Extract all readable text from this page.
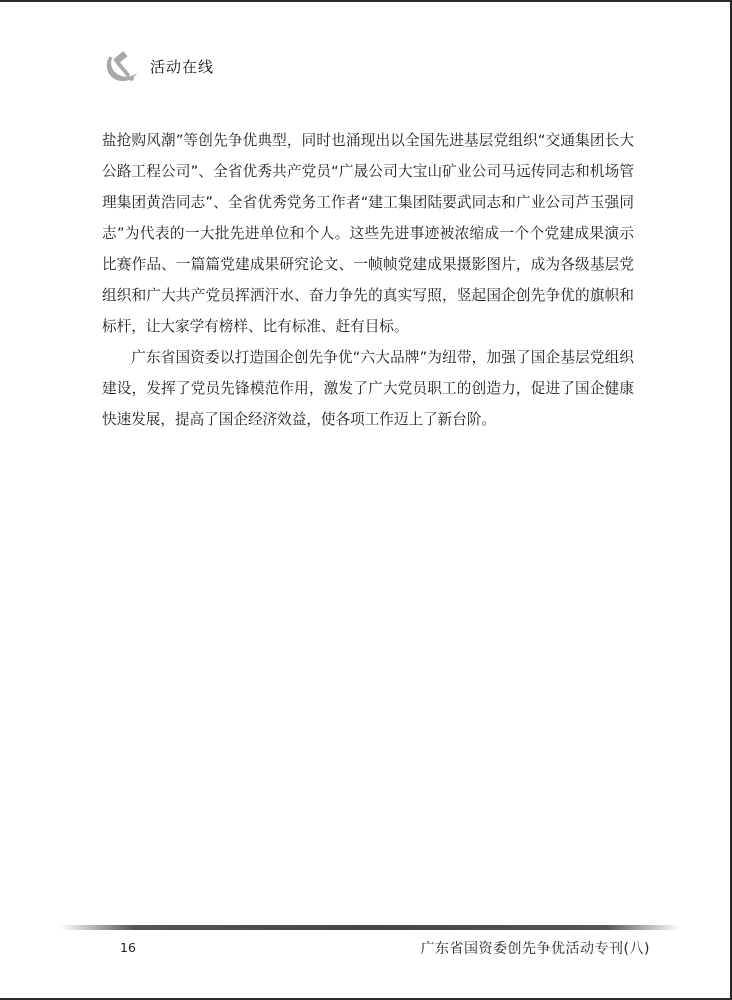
活动在线

盐抢购风潮”等创先争优典型，同时也涌现出以全国先进基层党组织“交通集团长大公路工程公司”、全省优秀共产党员“广晟公司大宝山矿业公司马远传同志和机场管理集团黄浩同志”、全省优秀党务工作者“建工集团陆要武同志和广业公司芦玉强同志”为代表的一大批先进单位和个人。这些先进事迹被浓缩成一个个党建成果演示比赛作品、一篇篇党建成果研究论文、一帧帧党建成果摄影图片，成为各级基层党组织和广大共产党员挥洒汗水、奋力争先的真实写照，竖起国企创先争优的旗帜和标杆，让大家学有榜样、比有标准、赶有目标。

广东省国资委以打造国企创先争优“六大品牌”为纽带，加强了国企基层党组织建设，发挥了党员先锋模范作用，激发了广大党员职工的创造力，促进了国企健康快速发展，提高了国企经济效益，使各项工作迈上了新台阶。

16	广东省国资委创先争优活动专刊(八)
